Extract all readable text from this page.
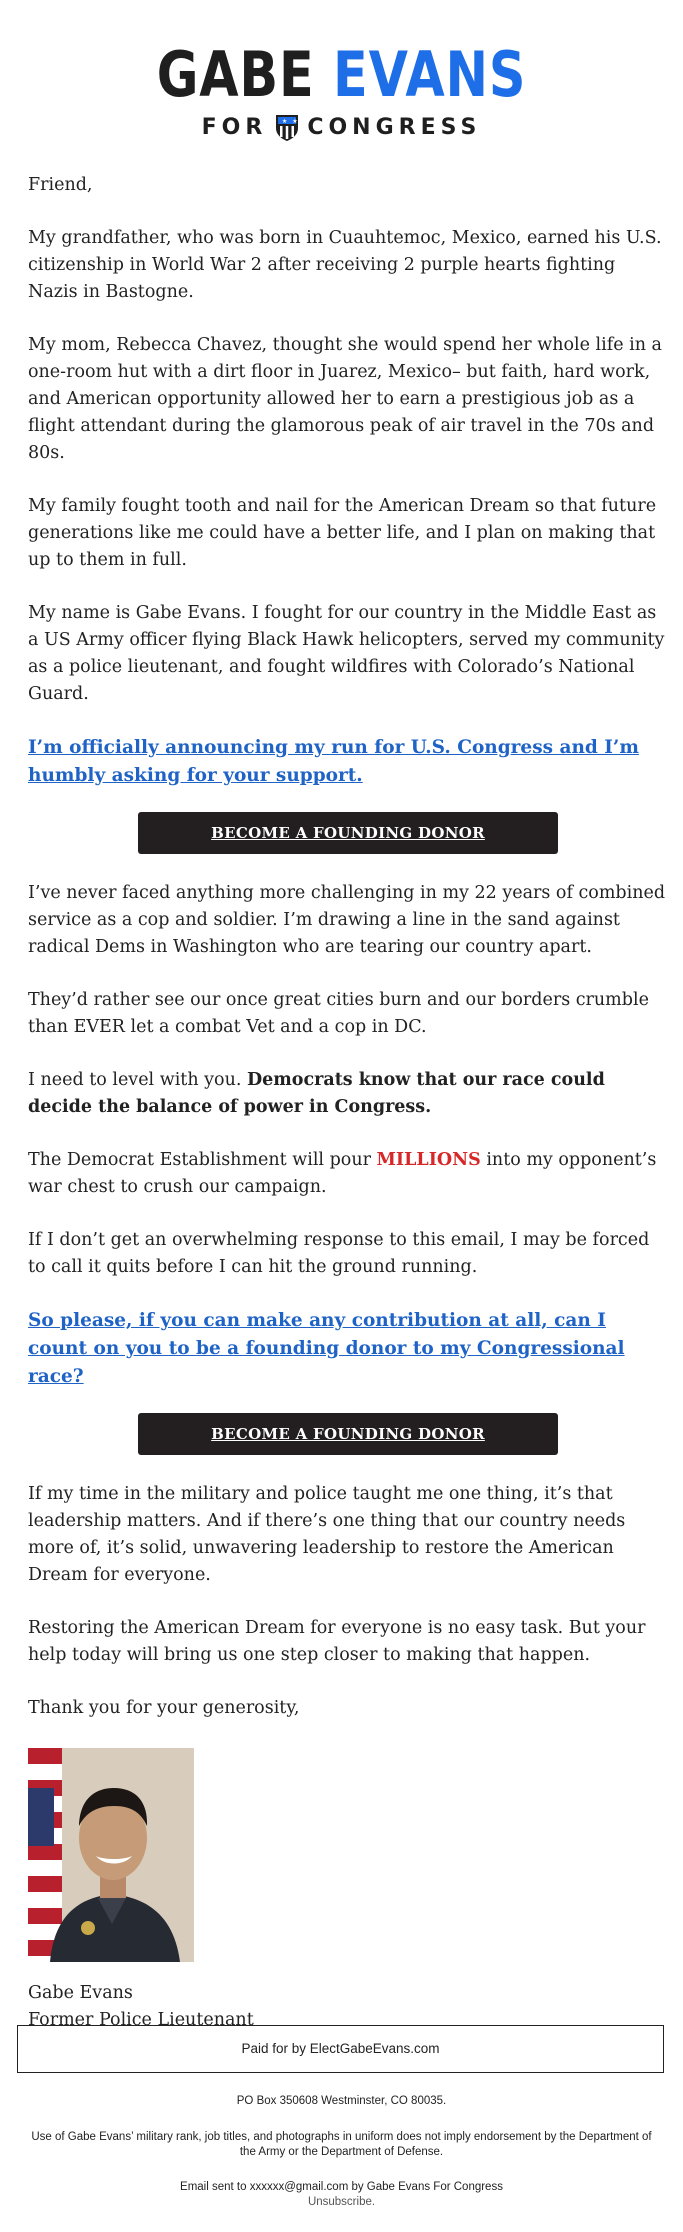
GABE EVANS
FOR ★★★ CONGRESS

Friend,

My grandfather, who was born in Cuauhtemoc, Mexico, earned his U.S. citizenship in World War 2 after receiving 2 purple hearts fighting Nazis in Bastogne.

My mom, Rebecca Chavez, thought she would spend her whole life in a one-room hut with a dirt floor in Juarez, Mexico– but faith, hard work, and American opportunity allowed her to earn a prestigious job as a flight attendant during the glamorous peak of air travel in the 70s and 80s.

My family fought tooth and nail for the American Dream so that future generations like me could have a better life, and I plan on making that up to them in full.

My name is Gabe Evans. I fought for our country in the Middle East as a US Army officer flying Black Hawk helicopters, served my community as a police lieutenant, and fought wildfires with Colorado’s National Guard.

I’m officially announcing my run for U.S. Congress and I’m humbly asking for your support.

BECOME A FOUNDING DONOR

I’ve never faced anything more challenging in my 22 years of combined service as a cop and soldier. I’m drawing a line in the sand against radical Dems in Washington who are tearing our country apart.

They’d rather see our once great cities burn and our borders crumble than EVER let a combat Vet and a cop in DC.

I need to level with you. Democrats know that our race could decide the balance of power in Congress.

The Democrat Establishment will pour MILLIONS into my opponent’s war chest to crush our campaign.

If I don’t get an overwhelming response to this email, I may be forced to call it quits before I can hit the ground running.

So please, if you can make any contribution at all, can I count on you to be a founding donor to my Congressional race?

BECOME A FOUNDING DONOR

If my time in the military and police taught me one thing, it’s that leadership matters. And if there’s one thing that our country needs more of, it’s solid, unwavering leadership to restore the American Dream for everyone.

Restoring the American Dream for everyone is no easy task. But your help today will bring us one step closer to making that happen.

Thank you for your generosity,

Gabe Evans

Former Police Lieutenant

Paid for by ElectGabeEvans.com
PO Box 350608 Westminster, CO 80035.
Use of Gabe Evans’ military rank, job titles, and photographs in uniform does not imply endorsement by the Department of the Army or the Department of Defense.
Email sent to xxxxxx@gmail.com by Gabe Evans For Congress
Unsubscribe.
